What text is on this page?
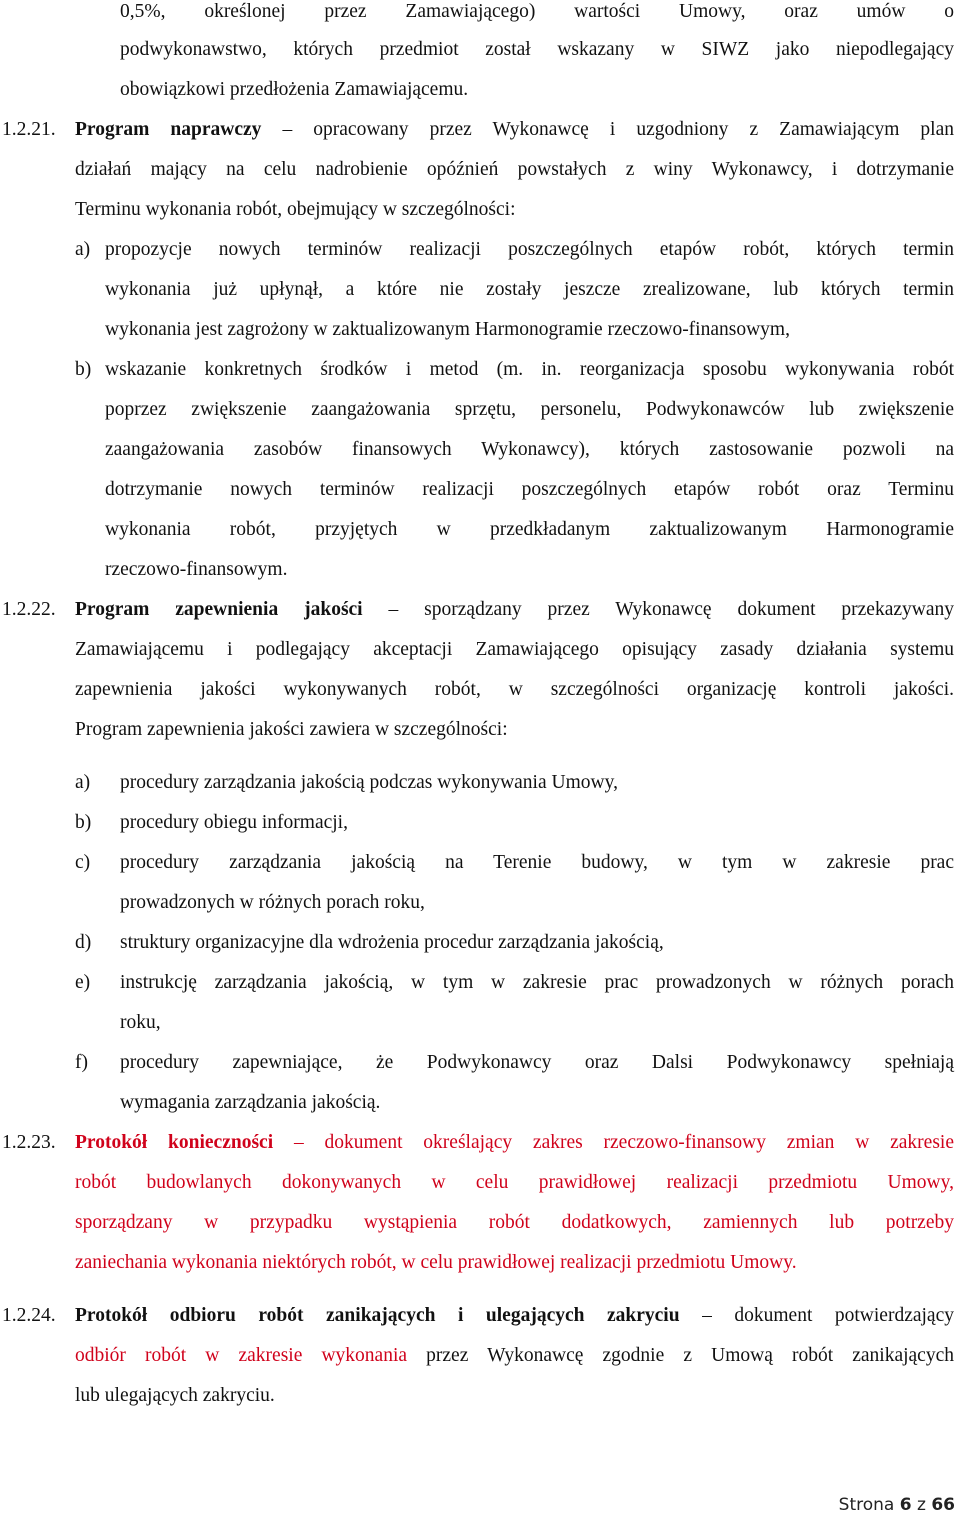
0,5%, określonej przez Zamawiającego) wartości Umowy, oraz umów o
podwykonawstwo, których przedmiot został wskazany w SIWZ jako niepodlegający
obowiązkowi przedłożenia Zamawiającemu.
1.2.21. Program naprawczy – opracowany przez Wykonawcę i uzgodniony z Zamawiającym plan
działań mający na celu nadrobienie opóźnień powstałych z winy Wykonawcy, i dotrzymanie
Terminu wykonania robót, obejmujący w szczególności:
a) propozycje nowych terminów realizacji poszczególnych etapów robót, których termin
wykonania już upłynął, a które nie zostały jeszcze zrealizowane, lub których termin
wykonania jest zagrożony w zaktualizowanym Harmonogramie rzeczowo-finansowym,
b) wskazanie konkretnych środków i metod (m. in. reorganizacja sposobu wykonywania robót
poprzez zwiększenie zaangażowania sprzętu, personelu, Podwykonawców lub zwiększenie
zaangażowania zasobów finansowych Wykonawcy), których zastosowanie pozwoli na
dotrzymanie nowych terminów realizacji poszczególnych etapów robót oraz Terminu
wykonania robót, przyjętych w przedkładanym zaktualizowanym Harmonogramie
rzeczowo-finansowym.
1.2.22. Program zapewnienia jakości – sporządzany przez Wykonawcę dokument przekazywany
Zamawiającemu i podlegający akceptacji Zamawiającego opisujący zasady działania systemu
zapewnienia jakości wykonywanych robót, w szczególności organizację kontroli jakości.
Program zapewnienia jakości zawiera w szczególności:
a) procedury zarządzania jakością podczas wykonywania Umowy,
b) procedury obiegu informacji,
c) procedury zarządzania jakością na Terenie budowy, w tym w zakresie prac
prowadzonych w różnych porach roku,
d) struktury organizacyjne dla wdrożenia procedur zarządzania jakością,
e) instrukcję zarządzania jakością, w tym w zakresie prac prowadzonych w różnych porach
roku,
f) procedury zapewniające, że Podwykonawcy oraz Dalsi Podwykonawcy spełniają
wymagania zarządzania jakością.
1.2.23. Protokół konieczności – dokument określający zakres rzeczowo-finansowy zmian w zakresie
robót budowlanych dokonywanych w celu prawidłowej realizacji przedmiotu Umowy,
sporządzany w przypadku wystąpienia robót dodatkowych, zamiennych lub potrzeby
zaniechania wykonania niektórych robót, w celu prawidłowej realizacji przedmiotu Umowy.
1.2.24. Protokół odbioru robót zanikających i ulegających zakryciu – dokument potwierdzający
odbiór robót w zakresie wykonania przez Wykonawcę zgodnie z Umową robót zanikających
lub ulegających zakryciu.
Strona 6 z 66
